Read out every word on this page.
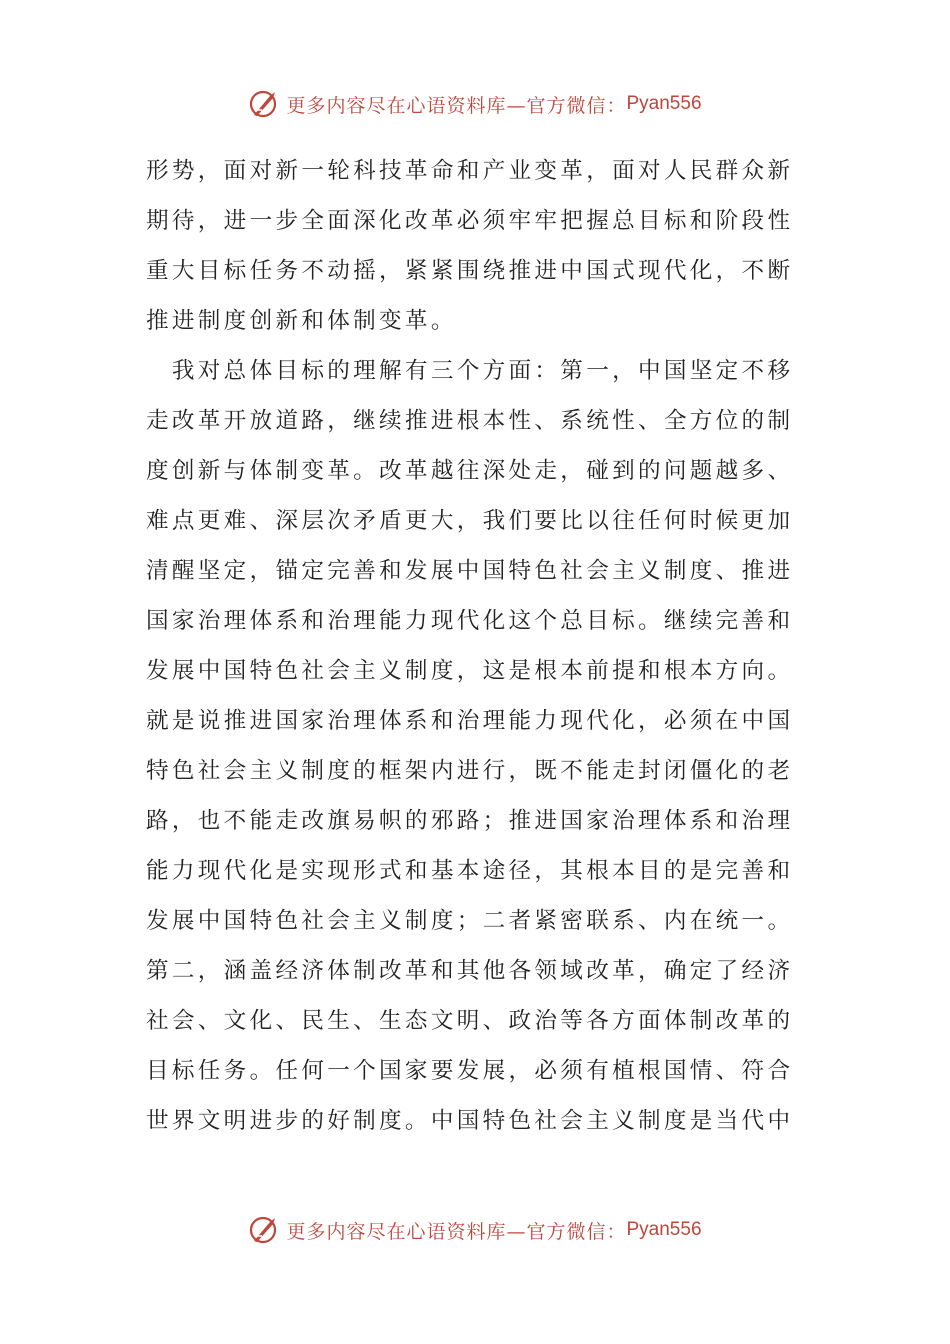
更多内容尽在心语资料库—官方微信： Pyan556
形势，面对新一轮科技革命和产业变革，面对人民群众新
期待，进一步全面深化改革必须牢牢把握总目标和阶段性
重大目标任务不动摇，紧紧围绕推进中国式现代化，不断
推进制度创新和体制变革。
　我对总体目标的理解有三个方面：第一，中国坚定不移
走改革开放道路，继续推进根本性、系统性、全方位的制
度创新与体制变革。改革越往深处走，碰到的问题越多、
难点更难、深层次矛盾更大，我们要比以往任何时候更加
清醒坚定，锚定完善和发展中国特色社会主义制度、推进
国家治理体系和治理能力现代化这个总目标。继续完善和
发展中国特色社会主义制度，这是根本前提和根本方向。
就是说推进国家治理体系和治理能力现代化，必须在中国
特色社会主义制度的框架内进行，既不能走封闭僵化的老
路，也不能走改旗易帜的邪路；推进国家治理体系和治理
能力现代化是实现形式和基本途径，其根本目的是完善和
发展中国特色社会主义制度；二者紧密联系、内在统一。
第二，涵盖经济体制改革和其他各领域改革，确定了经济
社会、文化、民生、生态文明、政治等各方面体制改革的
目标任务。任何一个国家要发展，必须有植根国情、符合
世界文明进步的好制度。中国特色社会主义制度是当代中
更多内容尽在心语资料库—官方微信： Pyan556
